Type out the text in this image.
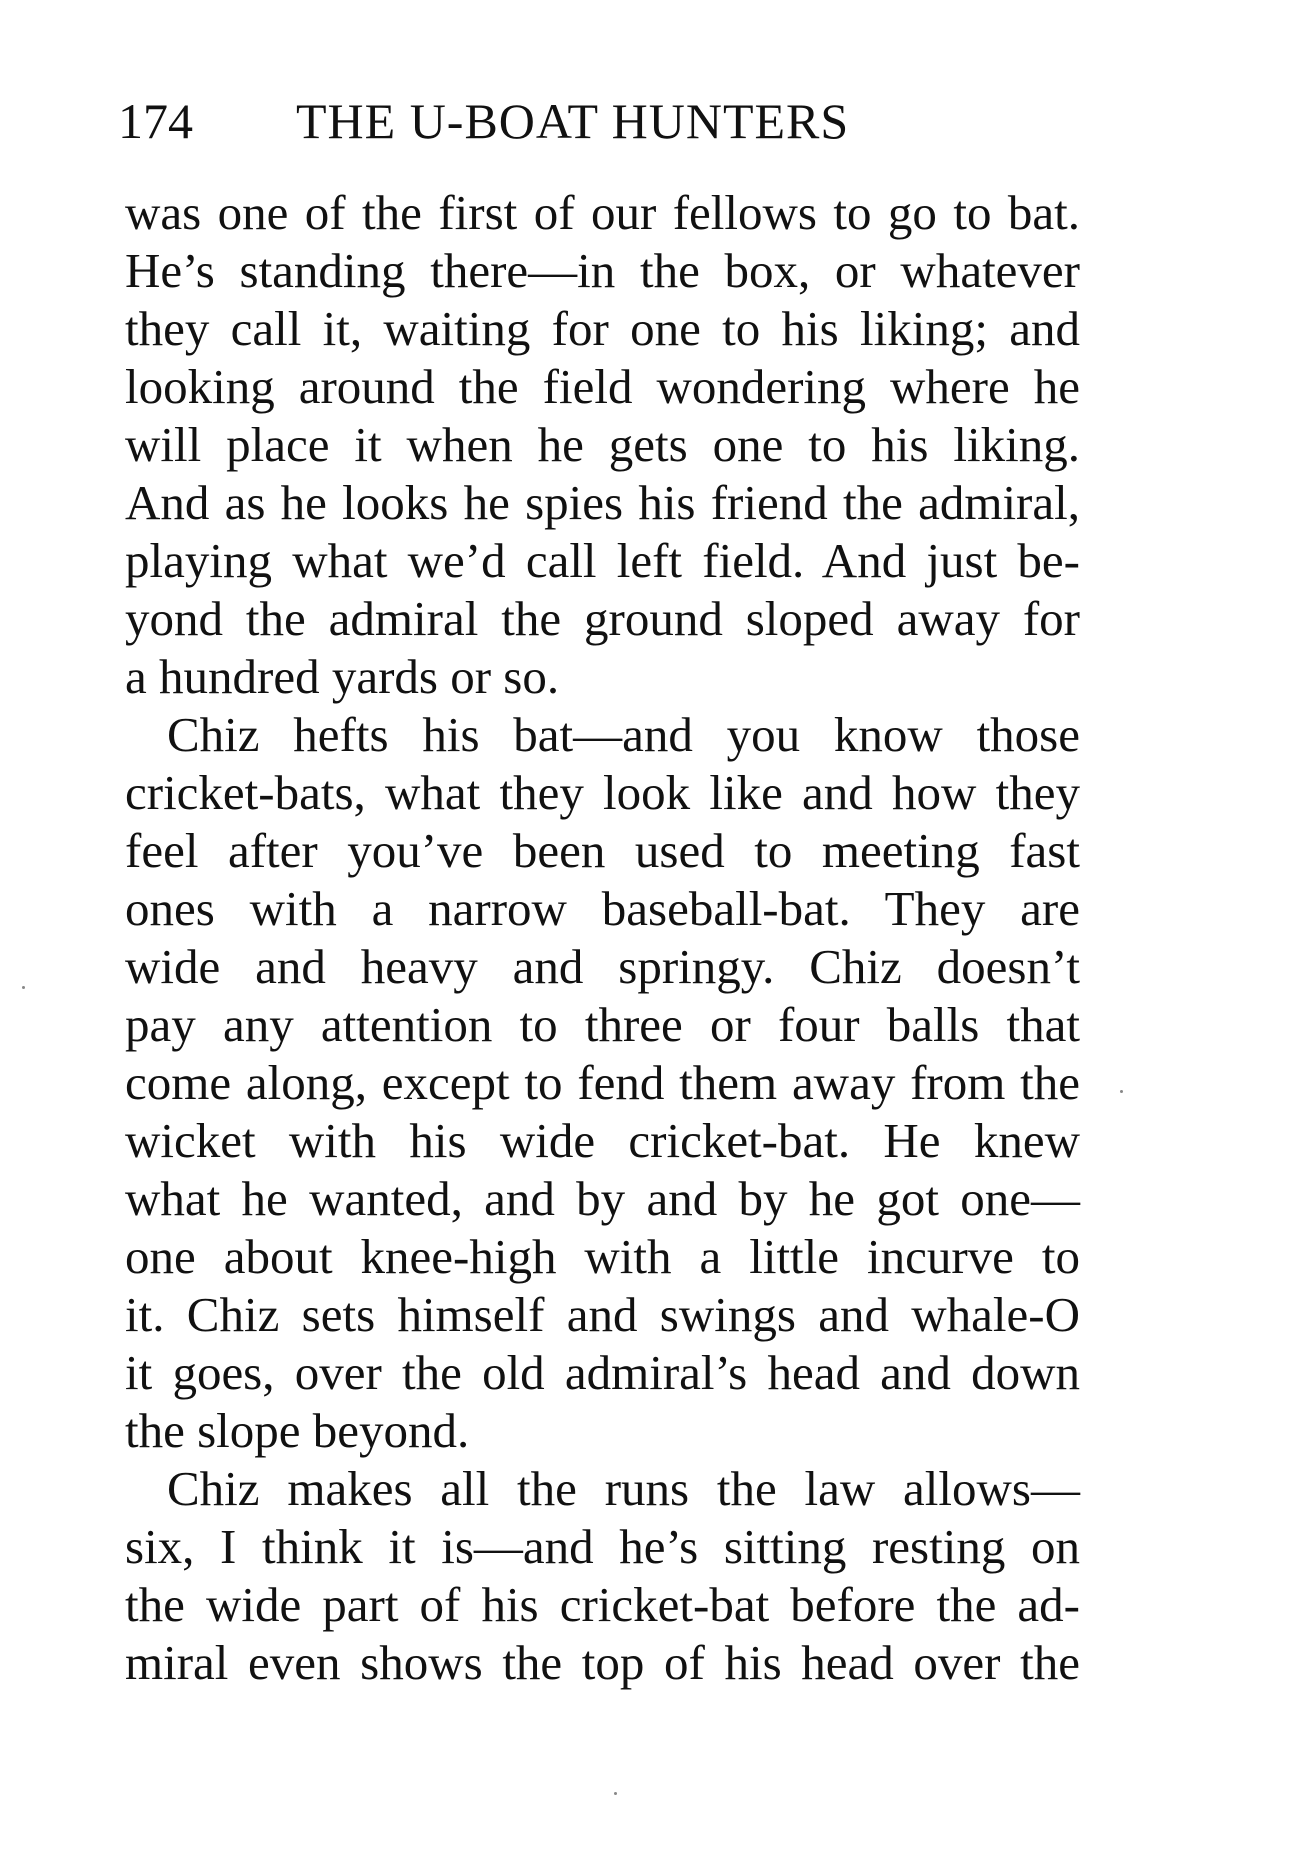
174 THE U-BOAT HUNTERS
was one of the first of our fellows to go to bat.
He’s standing there—in the box, or whatever
they call it, waiting for one to his liking; and
looking around the field wondering where he
will place it when he gets one to his liking.
And as he looks he spies his friend the admiral,
playing what we’d call left field. And just be-
yond the admiral the ground sloped away for
a hundred yards or so.
Chiz hefts his bat—and you know those
cricket-bats, what they look like and how they
feel after you’ve been used to meeting fast
ones with a narrow baseball-bat. They are
wide and heavy and springy. Chiz doesn’t
pay any attention to three or four balls that
come along, except to fend them away from the
wicket with his wide cricket-bat. He knew
what he wanted, and by and by he got one—
one about knee-high with a little incurve to
it. Chiz sets himself and swings and whale-O
it goes, over the old admiral’s head and down
the slope beyond.
Chiz makes all the runs the law allows—
six, I think it is—and he’s sitting resting on
the wide part of his cricket-bat before the ad-
miral even shows the top of his head over the
